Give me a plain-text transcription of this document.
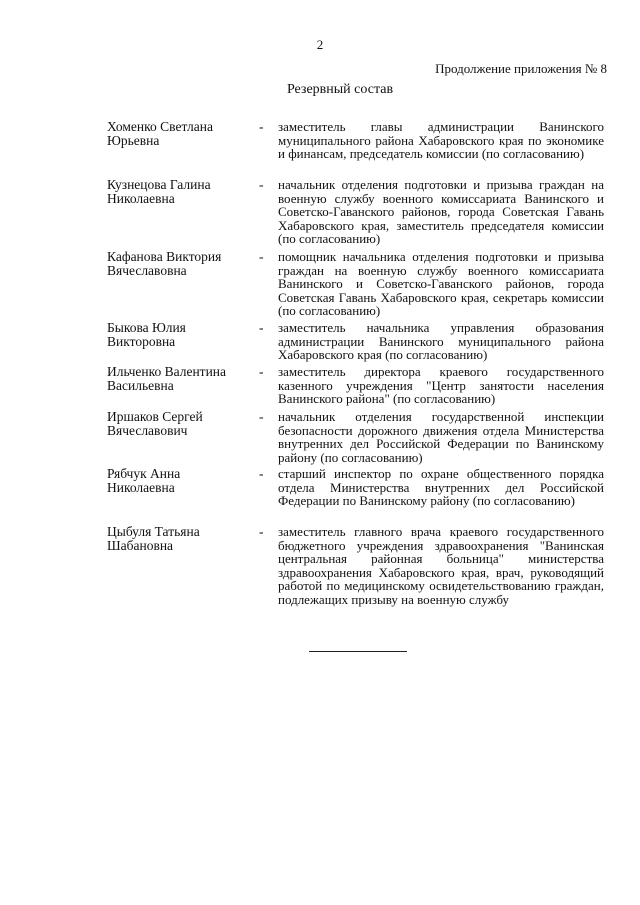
2
Продолжение приложения № 8
Резервный состав
Хоменко Светлана
Юрьевна
- заместитель главы администрации Ванинского муниципального района Хабаровского края по экономике и финансам, председатель комиссии (по согласованию)
Кузнецова Галина
Николаевна
- начальник отделения подготовки и призыва граждан на военную службу военного комиссариата Ванинского и Советско-Гаванского районов, города Советская Гавань Хабаровского края, заместитель председателя комиссии (по согласованию)
Кафанова Виктория
Вячеславовна
- помощник начальника отделения подготовки и призыва граждан на военную службу военного комиссариата Ванинского и Советско-Гаванского районов, города Советская Гавань Хабаровского края, секретарь комиссии (по согласованию)
Быкова Юлия
Викторовна
- заместитель начальника управления образования администрации Ванинского муниципального района Хабаровского края (по согласованию)
Ильченко Валентина
Васильевна
- заместитель директора краевого государственного казенного учреждения "Центр занятости населения Ванинского района" (по согласованию)
Иршаков Сергей
Вячеславович
- начальник отделения государственной инспекции безопасности дорожного движения отдела Министерства внутренних дел Российской Федерации по Ванинскому району (по согласованию)
Рябчук Анна
Николаевна
- старший инспектор по охране общественного порядка отдела Министерства внутренних дел Российской Федерации по Ванинскому району (по согласованию)
Цыбуля Татьяна
Шабановна
- заместитель главного врача краевого государственного бюджетного учреждения здравоохранения "Ванинская центральная районная больница" министерства здравоохранения Хабаровского края, врач, руководящий работой по медицинскому освидетельствованию граждан, подлежащих призыву на военную службу
